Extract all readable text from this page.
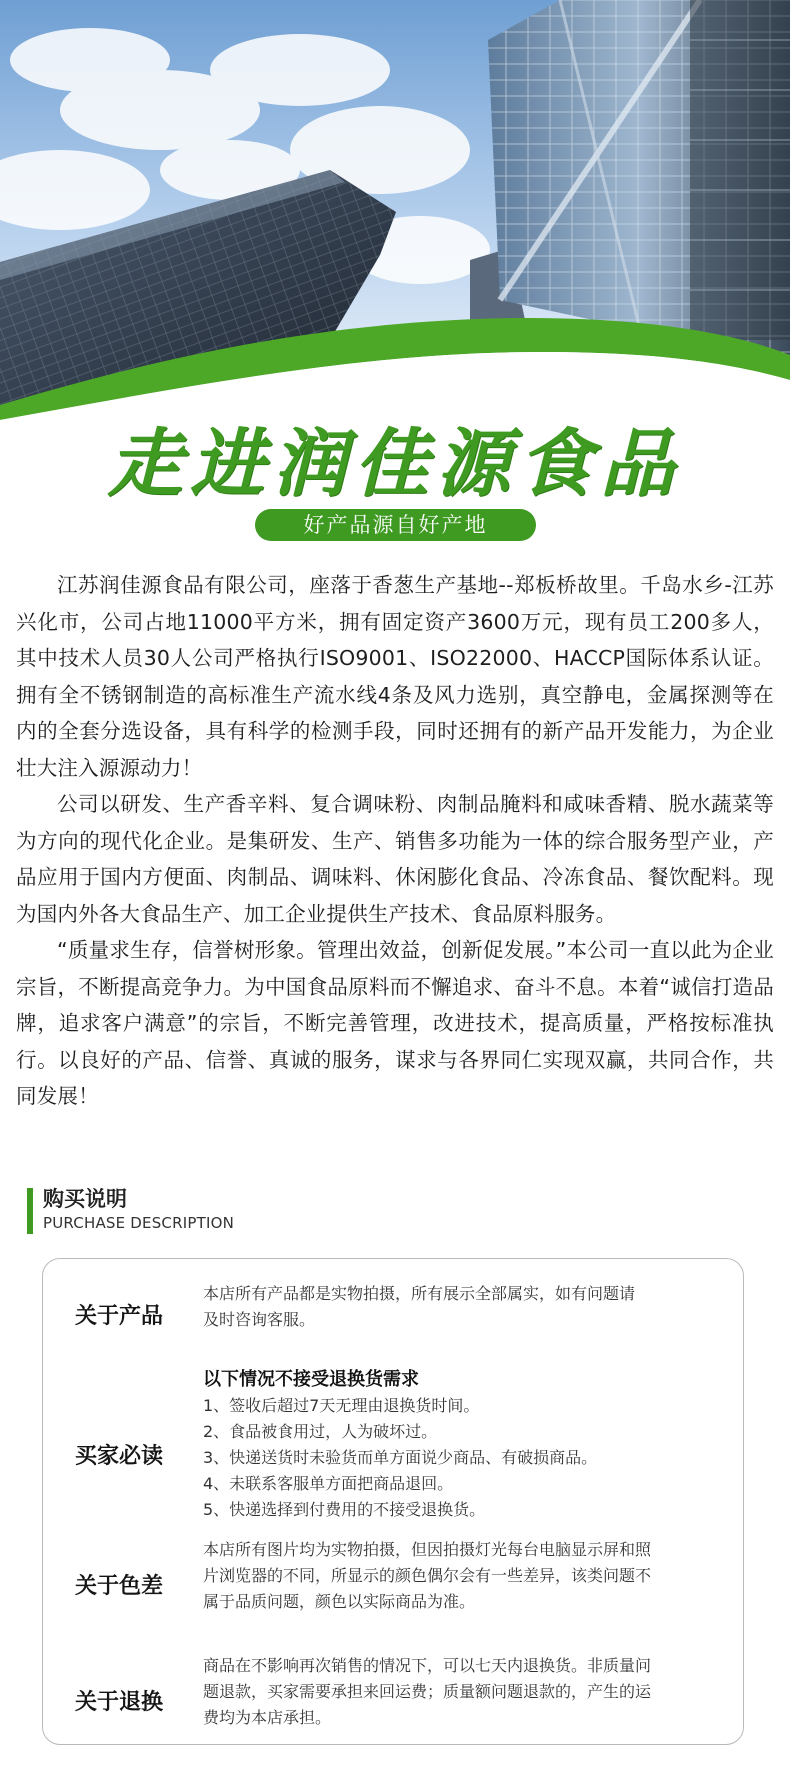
走进润佳源食品
好产品源自好产地

江苏润佳源食品有限公司，座落于香葱生产基地--郑板桥故里。千岛水乡-江苏兴化市，公司占地11000平方米，拥有固定资产3600万元，现有员工200多人，其中技术人员30人公司严格执行ISO9001、ISO22000、HACCP国际体系认证。拥有全不锈钢制造的高标准生产流水线4条及风力选别，真空静电，金属探测等在内的全套分选设备，具有科学的检测手段，同时还拥有的新产品开发能力，为企业壮大注入源源动力！

公司以研发、生产香辛料、复合调味粉、肉制品腌料和咸味香精、脱水蔬菜等为方向的现代化企业。是集研发、生产、销售多功能为一体的综合服务型产业，产品应用于国内方便面、肉制品、调味料、休闲膨化食品、冷冻食品、餐饮配料。现为国内外各大食品生产、加工企业提供生产技术、食品原料服务。

“质量求生存，信誉树形象。管理出效益，创新促发展。”本公司一直以此为企业宗旨，不断提高竞争力。为中国食品原料而不懈追求、奋斗不息。本着“诚信打造品牌，追求客户满意”的宗旨，不断完善管理，改进技术，提高质量，严格按标准执行。以良好的产品、信誉、真诚的服务，谋求与各界同仁实现双赢，共同合作，共同发展！

购买说明
PURCHASE DESCRIPTION
关于产品
本店所有产品都是实物拍摄，所有展示全部属实，如有问题请
及时咨询客服。
买家必读
以下情况不接受退换货需求
1、签收后超过7天无理由退换货时间。
2、食品被食用过，人为破坏过。
3、快递送货时未验货而单方面说少商品、有破损商品。
4、未联系客服单方面把商品退回。
5、快递选择到付费用的不接受退换货。
关于色差
本店所有图片均为实物拍摄，但因拍摄灯光每台电脑显示屏和照
片浏览器的不同，所显示的颜色偶尔会有一些差异，该类问题不
属于品质问题，颜色以实际商品为准。
关于退换
商品在不影响再次销售的情况下，可以七天内退换货。非质量问
题退款，买家需要承担来回运费；质量额问题退款的，产生的运
费均为本店承担。
